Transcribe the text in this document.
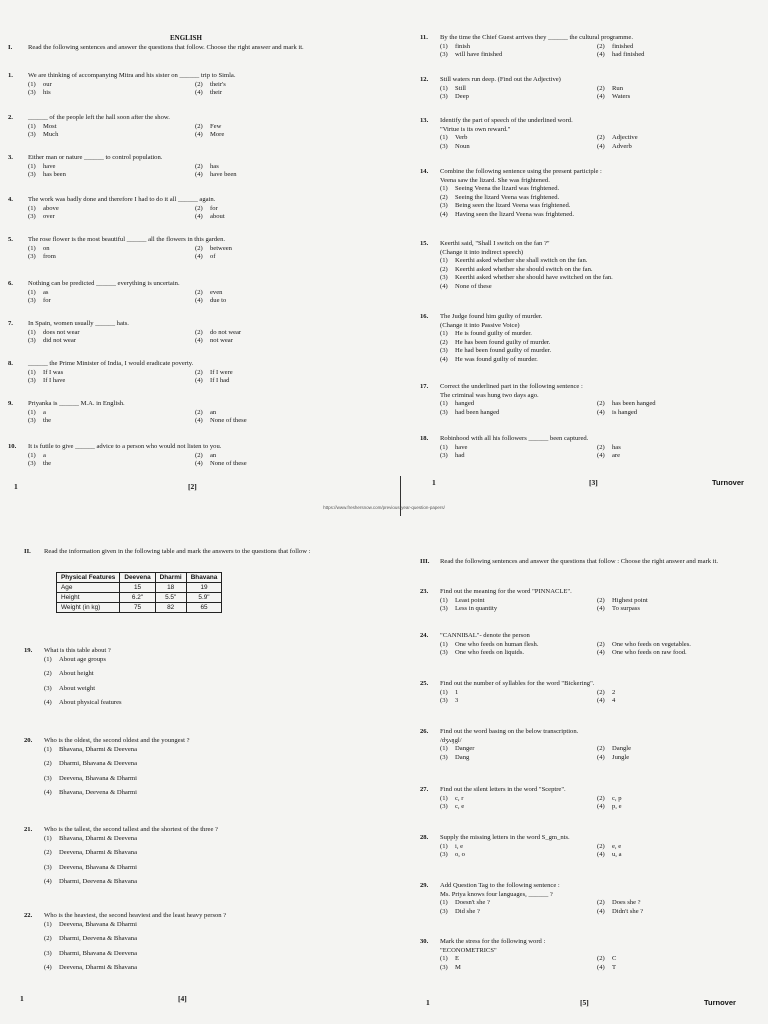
ENGLISH
I. Read the following sentences and answer the questions that follow. Choose the right answer and mark it.
1. We are thinking of accompanying Mitra and his sister on ______ trip to Simla.
(1)	our	(2)	their's
(3)	his	(4)	their
2. ______ of the people left the hall soon after the show.
(1)	Most	(2)	Few
(3)	Much	(4)	More
3. Either man or nature ______ to control population.
(1)	have	(2)	has
(3)	has been	(4)	have been
4. The work was badly done and therefore I had to do it all ______ again.
(1)	above	(2)	for
(3)	over	(4)	about
5. The rose flower is the most beautiful ______ all the flowers in this garden.
(1)	on	(2)	between
(3)	from	(4)	of
6. Nothing can be predicted ______ everything is uncertain.
(1)	as	(2)	even
(3)	for	(4)	due to
7. In Spain, women usually ______ hats.
(1)	does not wear	(2)	do not wear
(3)	did not wear	(4)	not wear
8. ______ the Prime Minister of India, I would eradicate poverty.
(1)	If I was	(2)	If I were
(3)	If I have	(4)	If I had
9. Priyanka is ______ M.A. in English.
(1)	a	(2)	an
(3)	the	(4)	None of these
10. It is futile to give ______ advice to a person who would not listen to you.
(1)	a	(2)	an
(3)	the	(4)	None of these
1	[2]
11. By the time the Chief Guest arrives they ______ the cultural programme.
(1)	finish	(2)	finished
(3)	will have finished	(4)	had finished
12. Still waters run deep. (Find out the Adjective)
(1)	Still	(2)	Run
(3)	Deep	(4)	Waters
13. Identify the part of speech of the underlined word.
"Virtue is its own reward."
(1)	Verb	(2)	Adjective
(3)	Noun	(4)	Adverb
14. Combine the following sentence using the present participle :
Veena saw the lizard. She was frightened.
(1)	Seeing Veena the lizard was frightened.
(2)	Seeing the lizard Veena was frightened.
(3)	Being seen the lizard Veena was frightened.
(4)	Having seen the lizard Veena was frightened.
15. Keerthi said, "Shall I switch on the fan ?"
(Change it into indirect speech)
(1)	Keerthi asked whether she shall switch on the fan.
(2)	Keerthi asked whether she should switch on the fan.
(3)	Keerthi asked whether she should have switched on the fan.
(4)	None of these
16. The Judge found him guilty of murder.
(Change it into Passive Voice)
(1)	He is found guilty of murder.
(2)	He has been found guilty of murder.
(3)	He had been found guilty of murder.
(4)	He was found guilty of murder.
17. Correct the underlined part in the following sentence :
The criminal was hung two days ago.
(1)	hanged	(2)	has been hanged
(3)	had been hanged	(4)	is hanged
18. Robinhood with all his followers ______ been captured.
(1)	have	(2)	has
(3)	had	(4)	are
1	[3]	Turnover
https://www.freshersnow.com/previous-year-question-papers/
II. Read the information given in the following table and mark the answers to the questions that follow :
Physical Features	Deevena	Dharmi	Bhavana
Age	15	18	19
Height	6.2"	5.5"	5.9"
Weight (in kg)	75	82	65
19. What is this table about ?
(1)	About age groups
(2)	About height
(3)	About weight
(4)	About physical features
20. Who is the oldest, the second oldest and the youngest ?
(1)	Bhavana, Dharmi & Deevena
(2)	Dharmi, Bhavana & Deevena
(3)	Deevena, Bhavana & Dharmi
(4)	Bhavana, Deevena & Dharmi
21. Who is the tallest, the second tallest and the shortest of the three ?
(1)	Bhavana, Dharmi & Deevena
(2)	Deevena, Dharmi & Bhavana
(3)	Deevena, Bhavana & Dharmi
(4)	Dharmi, Deevena & Bhavana
22. Who is the heaviest, the second heaviest and the least heavy person ?
(1)	Deevena, Bhavana & Dharmi
(2)	Dharmi, Deevena & Bhavana
(3)	Dharmi, Bhavana & Deevena
(4)	Deevena, Dharmi & Bhavana
1	[4]
III. Read the following sentences and answer the questions that follow : Choose the right answer and mark it.
23. Find out the meaning for the word "PINNACLE".
(1)	Least point	(2)	Highest point
(3)	Less in quantity	(4)	To surpass
24. "CANNIBAL"- denote the person
(1)	One who feeds on human flesh.	(2)	One who feeds on vegetables.
(3)	One who feeds on liquids.	(4)	One who feeds on raw food.
25. Find out the number of syllables for the word "Bickering".
(1)	1	(2)	2
(3)	3	(4)	4
26. Find out the word basing on the below transcription.
/dʒʌŋgl/
(1)	Danger	(2)	Dangle
(3)	Dang	(4)	Jungle
27. Find out the silent letters in the word "Sceptre".
(1)	c, r	(2)	c, p
(3)	c, e	(4)	p, e
28. Supply the missing letters in the word S_gm_nts.
(1)	i, e	(2)	e, e
(3)	o, o	(4)	u, a
29. Add Question Tag to the following sentence :
Ms. Priya knows four languages, ______ ?
(1)	Doesn't she ?	(2)	Does she ?
(3)	Did she ?	(4)	Didn't she ?
30. Mark the stress for the following word :
"ECONOMETRICS"
(1)	E	(2)	C
(3)	M	(4)	T
1	[5]	Turnover
